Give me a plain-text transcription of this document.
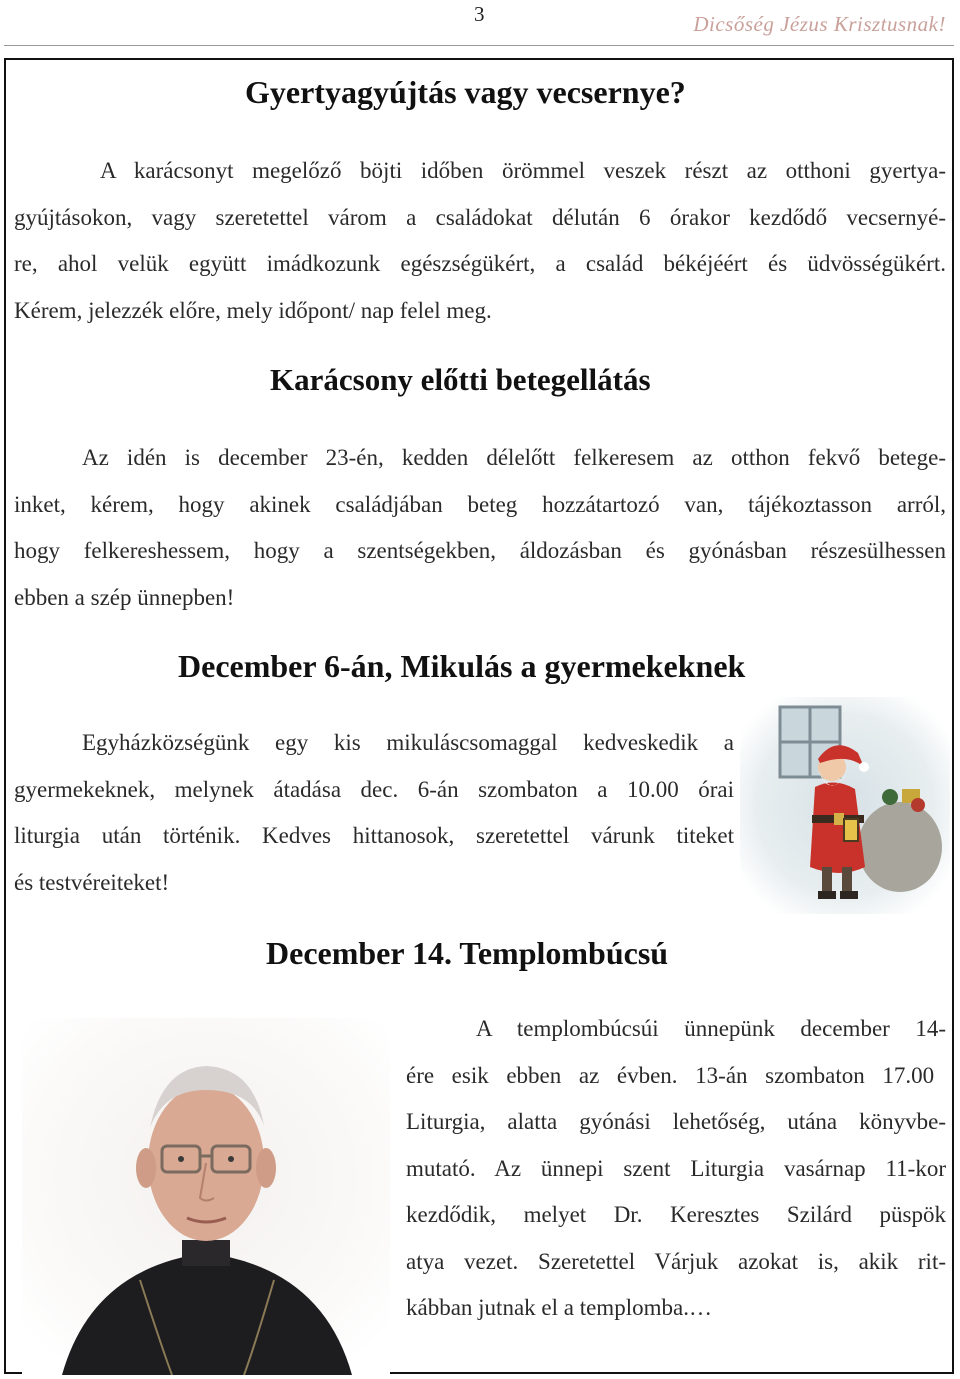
3	Dicsőség Jézus Krisztusnak!
Gyertyagyújtás vagy vecsernye?
A karácsonyt megelőző böjti időben örömmel veszek részt az otthoni gyertya-
gyújtásokon, vagy szeretettel várom a családokat délután 6 órakor kezdődő vecsernyé-
re, ahol velük együtt imádkozunk egészségükért, a család békéjéért és üdvösségükért.
Kérem, jelezzék előre, mely időpont/ nap felel meg.
Karácsony előtti betegellátás
Az idén is december 23-én, kedden délelőtt felkeresem az otthon fekvő betege-
inket, kérem, hogy akinek családjában beteg hozzátartozó van, tájékoztasson arról,
hogy felkereshessem, hogy a szentségekben, áldozásban és gyónásban részesülhessen
ebben a szép ünnepben!
December 6-án, Mikulás a gyermekeknek
Egyházközségünk egy kis mikuláscsomaggal kedveskedik a
gyermekeknek, melynek átadása dec. 6-án szombaton a 10.00 órai
liturgia után történik. Kedves hittanosok, szeretettel várunk titeket
és testvéreiteket!
December 14. Templombúcsú
A templombúcsúi ünnepünk december 14-
ére esik ebben az évben. 13-án szombaton 17.00
Liturgia, alatta gyónási lehetőség, utána könyvbe-
mutató. Az ünnepi szent Liturgia vasárnap 11-kor
kezdődik, melyet Dr. Keresztes Szilárd püspök
atya vezet. Szeretettel Várjuk azokat is, akik rit-
kábban jutnak el a templomba.…
